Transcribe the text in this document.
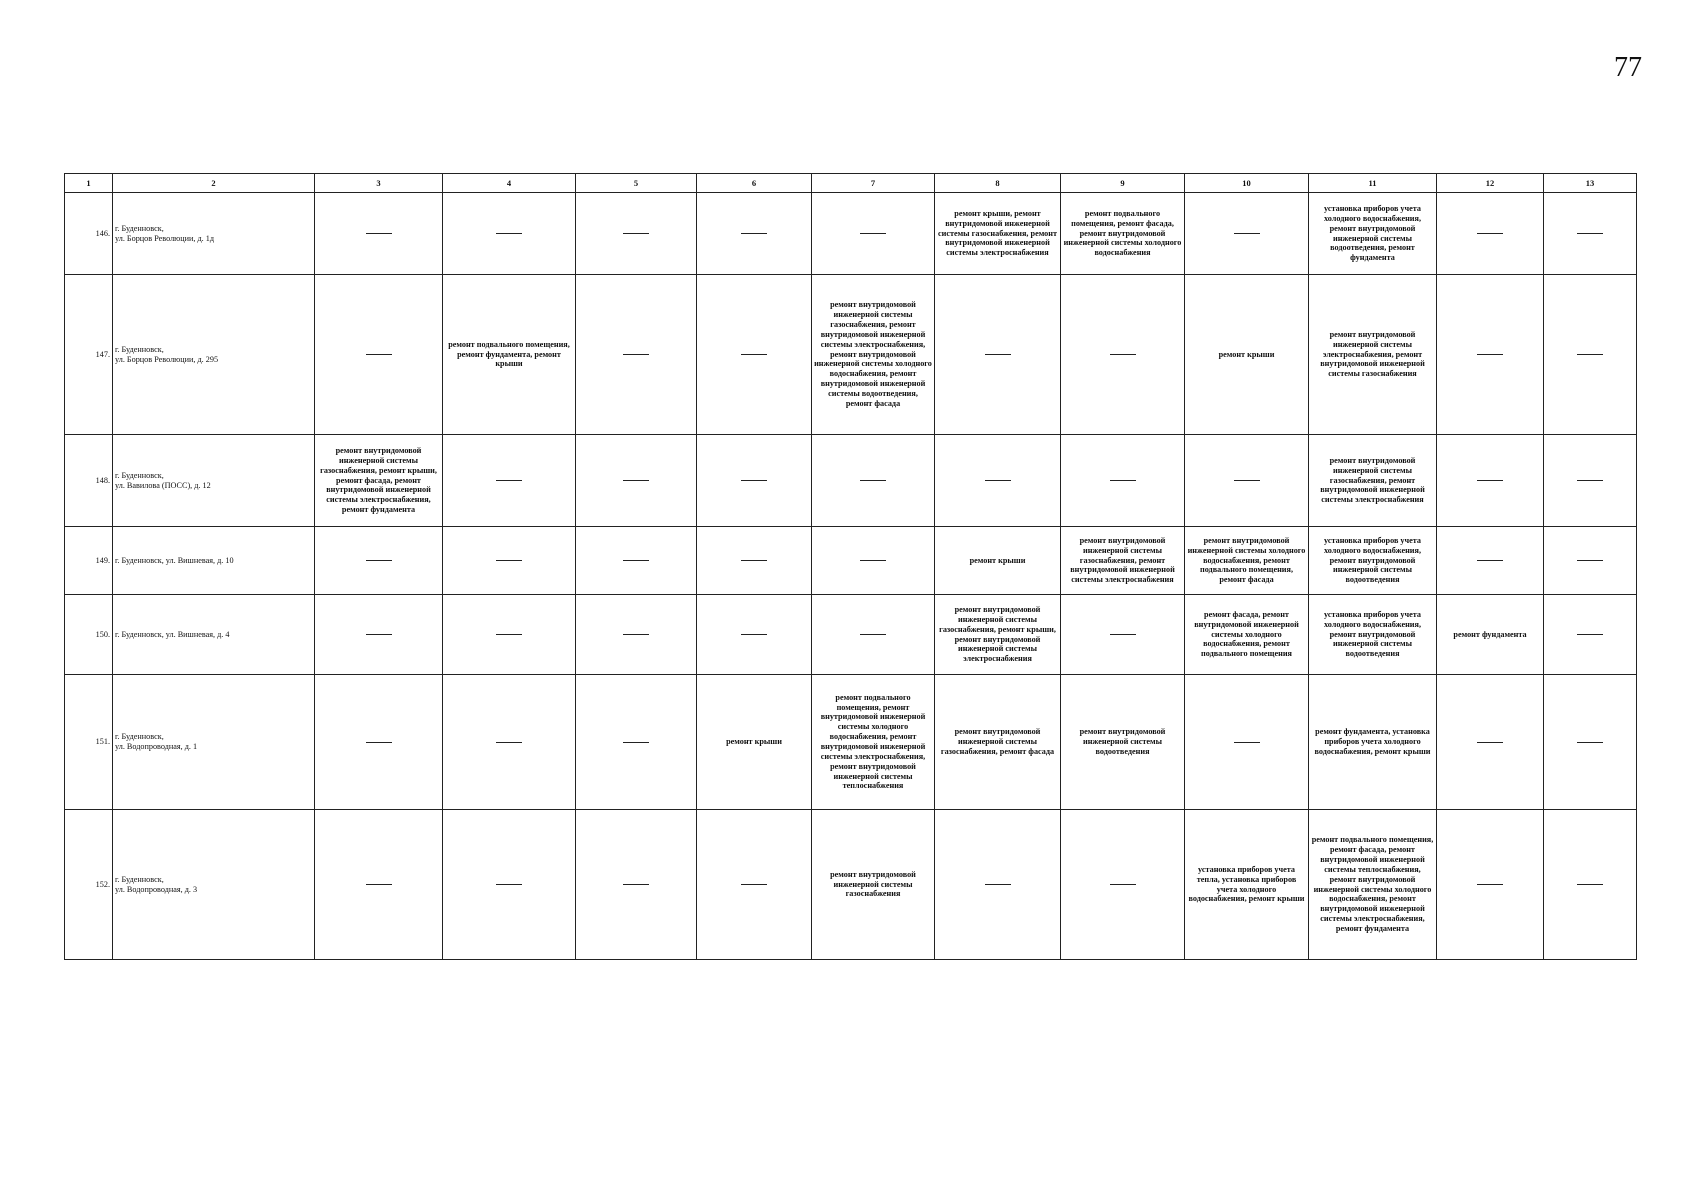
77
1	2	3	4	5	6	7	8	9	10	11	12	13
146.	г. Буденновск,
ул. Борцов Революции, д. 1д						ремонт крыши, ремонт внутридомовой инженерной системы газоснабжения, ремонт внутридомовой инженерной системы электроснабжения	ремонт подвального помещения, ремонт фасада, ремонт внутридомовой инженерной системы холодного водоснабжения		установка приборов учета холодного водоснабжения, ремонт внутридомовой инженерной системы водоотведения, ремонт фундамента		
147.	г. Буденновск,
ул. Борцов Революции, д. 295		ремонт подвального помещения, ремонт фундамента, ремонт крыши			ремонт внутридомовой инженерной системы газоснабжения, ремонт внутридомовой инженерной системы электроснабжения, ремонт внутридомовой инженерной системы холодного водоснабжения, ремонт внутридомовой инженерной системы водоотведения, ремонт фасада			ремонт крыши	ремонт внутридомовой инженерной системы электроснабжения, ремонт внутридомовой инженерной системы газоснабжения		
148.	г. Буденновск,
ул. Вавилова (ПОСС), д. 12	ремонт внутридомовой инженерной системы газоснабжения, ремонт крыши, ремонт фасада, ремонт внутридомовой инженерной системы электроснабжения, ремонт фундамента								ремонт внутридомовой инженерной системы газоснабжения, ремонт внутридомовой инженерной системы электроснабжения		
149.	г. Буденновск, ул. Вишневая, д. 10						ремонт крыши	ремонт внутридомовой инженерной системы газоснабжения, ремонт внутридомовой инженерной системы электроснабжения	ремонт внутридомовой инженерной системы холодного водоснабжения, ремонт подвального помещения, ремонт фасада	установка приборов учета холодного водоснабжения, ремонт внутридомовой инженерной системы водоотведения		
150.	г. Буденновск, ул. Вишневая, д. 4						ремонт внутридомовой инженерной системы газоснабжения, ремонт крыши, ремонт внутридомовой инженерной системы электроснабжения		ремонт фасада, ремонт внутридомовой инженерной системы холодного водоснабжения, ремонт подвального помещения	установка приборов учета холодного водоснабжения, ремонт внутридомовой инженерной системы водоотведения	ремонт фундамента	
151.	г. Буденновск,
ул. Водопроводная, д. 1				ремонт крыши	ремонт подвального помещения, ремонт внутридомовой инженерной системы холодного водоснабжения, ремонт внутридомовой инженерной системы электроснабжения, ремонт внутридомовой инженерной системы теплоснабжения	ремонт внутридомовой инженерной системы газоснабжения, ремонт фасада	ремонт внутридомовой инженерной системы водоотведения		ремонт фундамента, установка приборов учета холодного водоснабжения, ремонт крыши		
152.	г. Буденновск,
ул. Водопроводная, д. 3					ремонт внутридомовой инженерной системы газоснабжения			установка приборов учета тепла, установка приборов учета холодного водоснабжения, ремонт крыши	ремонт подвального помещения, ремонт фасада, ремонт внутридомовой инженерной системы теплоснабжения, ремонт внутридомовой инженерной системы холодного водоснабжения, ремонт внутридомовой инженерной системы электроснабжения, ремонт фундамента		
